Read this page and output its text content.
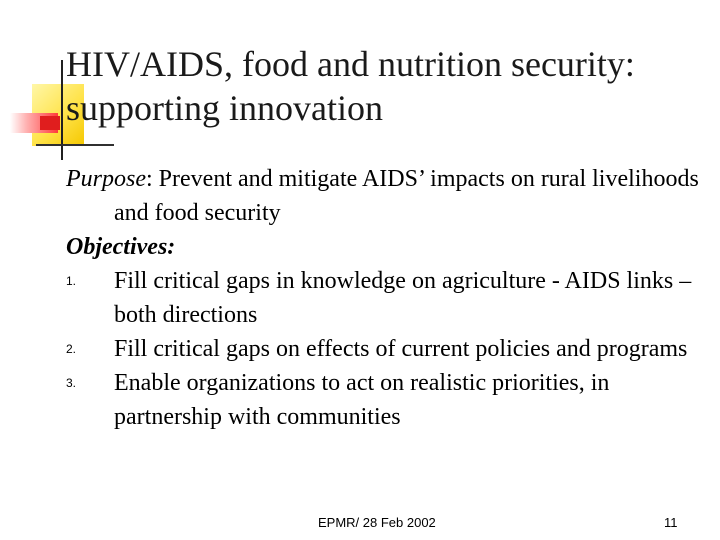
HIV/AIDS, food and nutrition security: supporting innovation

Purpose: Prevent and mitigate AIDS’ impacts on rural livelihoods and food security

Objectives:

1. Fill critical gaps in knowledge on agriculture - AIDS links – both directions
2. Fill critical gaps on effects of current policies and programs
3. Enable organizations to act on realistic priorities, in partnership with communities
EPMR/ 28 Feb 2002	11
